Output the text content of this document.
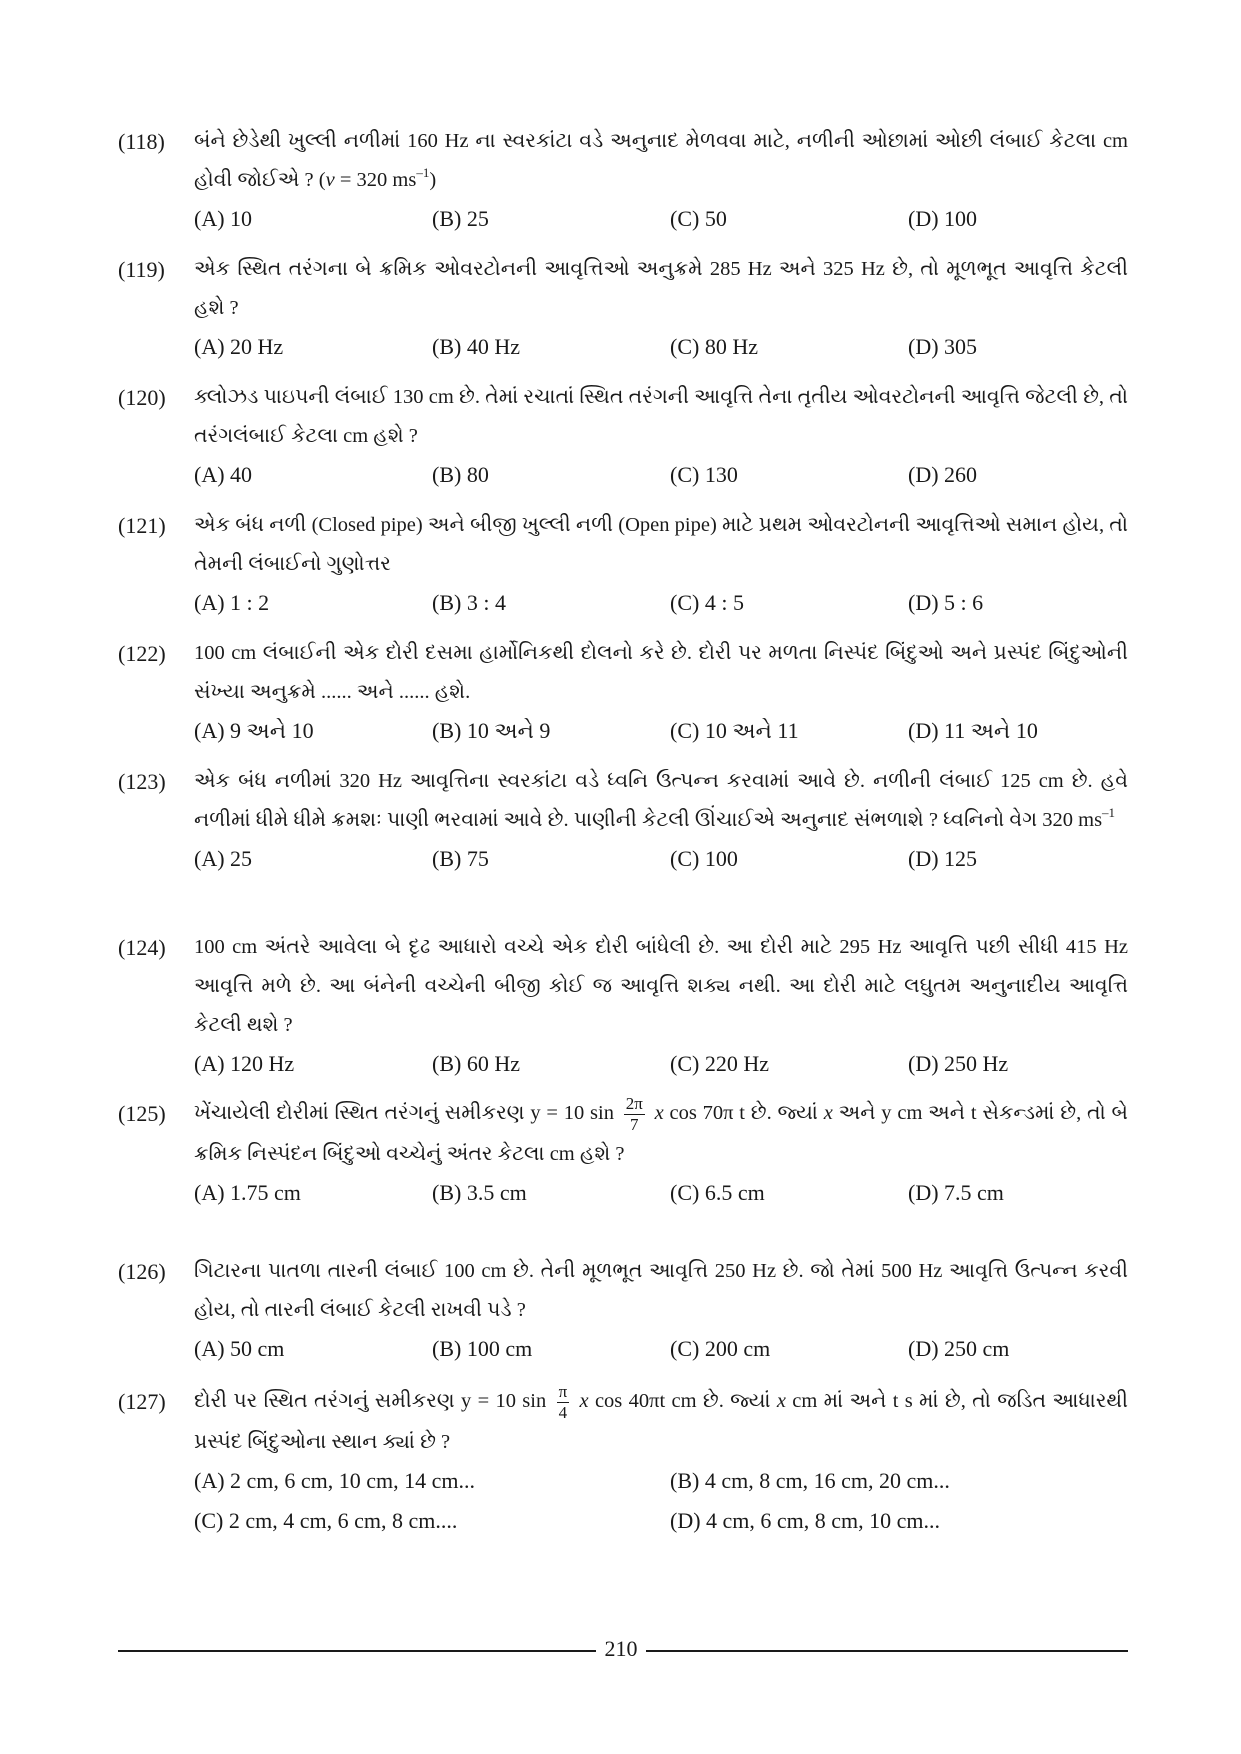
(118) બંને છેડેથી ખુલ્લી નળીમાં 160 Hz ના સ્વરકાંટા વડે અનુનાદ મેળવવા માટે, નળીની ઓછામાં ઓછી લંબાઈ કેટલા cm હોવી જોઈએ ? (v = 320 $ms^{-1}$)
(A) 10	(B) 25	(C) 50	(D) 100
(119) એક સ્થિત તરંગના બે ક્રમિક ઓવરટોનની આવૃત્તિઓ અનુક્રમે 285 Hz અને 325 Hz છે, તો મૂળભૂત આવૃત્તિ કેટલી હશે ?
(A) 20 Hz	(B) 40 Hz	(C) 80 Hz	(D) 305
(120) ક્લોઝડ પાઇપની લંબાઈ 130 cm છે. તેમાં રચાતાં સ્થિત તરંગની આવૃત્તિ તેના તૃતીય ઓવરટોનની આવૃત્તિ જેટલી છે, તો તરંગલંબાઈ કેટલા cm હશે ?
(A) 40	(B) 80	(C) 130	(D) 260
(121) એક બંધ નળી (Closed pipe) અને બીજી ખુલ્લી નળી (Open pipe) માટે પ્રથમ ઓવરટોનની આવૃત્તિઓ સમાન હોય, તો તેમની લંબાઈનો ગુણોત્તર
(A) 1 : 2	(B) 3 : 4	(C) 4 : 5	(D) 5 : 6
(122) 100 cm લંબાઈની એક દોરી દસમા હાર્મોનિકથી દોલનો કરે છે. દોરી પર મળતા નિસ્પંદ બિંદુઓ અને પ્રસ્પંદ બિંદુઓની સંખ્યા અનુક્રમે ...... અને ...... હશે.
(A) 9 અને 10	(B) 10 અને 9	(C) 10 અને 11	(D) 11 અને 10
(123) એક બંધ નળીમાં 320 Hz આવૃત્તિના સ્વરકાંટા વડે ધ્વનિ ઉત્પન્ન કરવામાં આવે છે. નળીની લંબાઈ 125 cm છે. હવે નળીમાં ધીમે ધીમે ક્રમશઃ પાણી ભરવામાં આવે છે. પાણીની કેટલી ઊંચાઈએ અનુનાદ સંભળાશે ? ધ્વનિનો વેગ 320 $ms^{-1}$
(A) 25	(B) 75	(C) 100	(D) 125
(124) 100 cm અંતરે આવેલા બે દૃઢ આધારો વચ્ચે એક દોરી બાંધેલી છે. આ દોરી માટે 295 Hz આવૃત્તિ પછી સીધી 415 Hz આવૃત્તિ મળે છે. આ બંનેની વચ્ચેની બીજી કોઈ જ આવૃત્તિ શક્ય નથી. આ દોરી માટે લઘુતમ અનુનાદીય આવૃત્તિ કેટલી થશે ?
(A) 120 Hz	(B) 60 Hz	(C) 220 Hz	(D) 250 Hz
(125) ખેંચાયેલી દોરીમાં સ્થિત તરંગનું સમીકરણ y = 10 $\sin \frac{2\pi}{7}$ x cos 70π t છે. જ્યાં x અને y cm અને t સેકન્ડમાં છે, તો બે ક્રમિક નિસ્પંદન બિંદુઓ વચ્ચેનું અંતર કેટલા cm હશે ?
(A) 1.75 cm	(B) 3.5 cm	(C) 6.5 cm	(D) 7.5 cm
(126) ગિટારના પાતળા તારની લંબાઈ 100 cm છે. તેની મૂળભૂત આવૃત્તિ 250 Hz છે. જો તેમાં 500 Hz આવૃત્તિ ઉત્પન્ન કરવી હોય, તો તારની લંબાઈ કેટલી રાખવી પડે ?
(A) 50 cm	(B) 100 cm	(C) 200 cm	(D) 250 cm
(127) દોરી પર સ્થિત તરંગનું સમીકરણ y = 10 $\sin \frac{\pi}{4}$ x cos 40πt cm છે. જ્યાં x cm માં અને t s માં છે, તો જડિત આધારથી પ્રસ્પંદ બિંદુઓના સ્થાન ક્યાં છે ?
(A) 2 cm, 6 cm, 10 cm, 14 cm...	(B) 4 cm, 8 cm, 16 cm, 20 cm...
(C) 2 cm, 4 cm, 6 cm, 8 cm....	(D) 4 cm, 6 cm, 8 cm, 10 cm...
210
